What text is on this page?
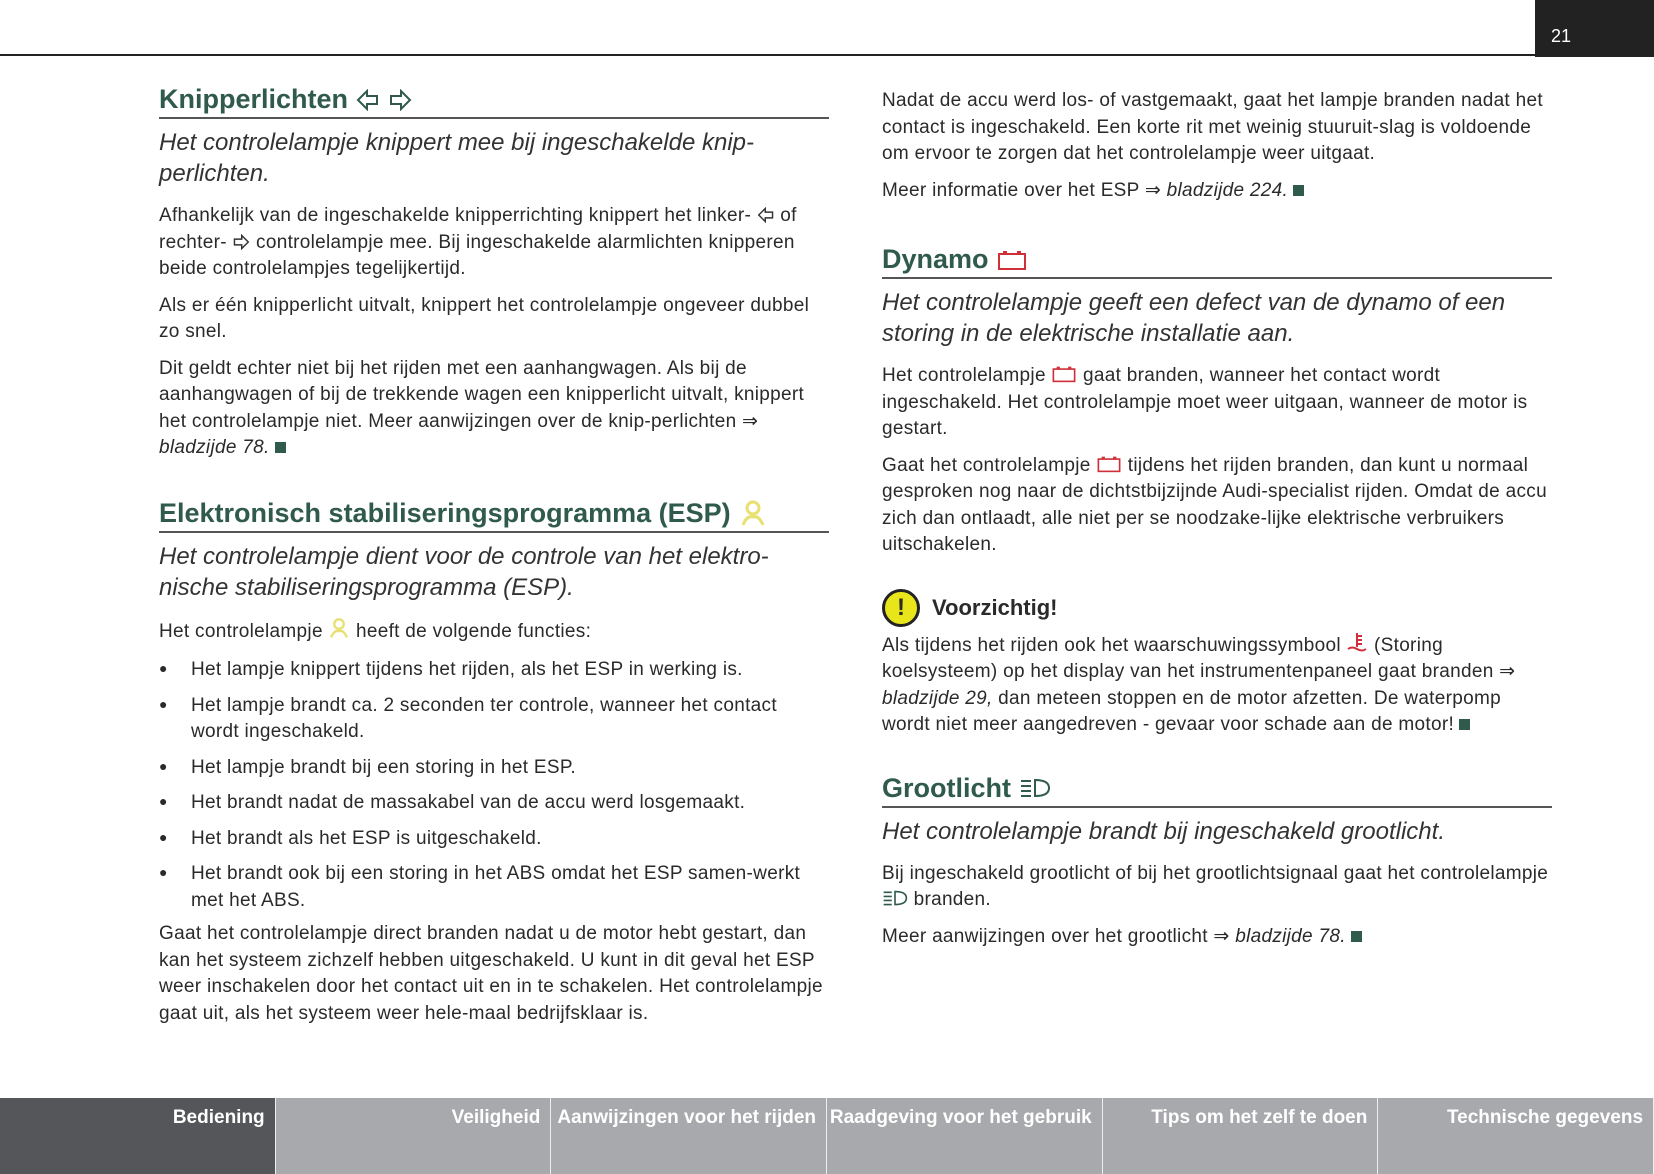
21
Knipperlichten
Het controlelampje knippert mee bij ingeschakelde knip-perlichten.

Afhankelijk van de ingeschakelde knipperrichting knippert het linker-  of rechter-  controlelampje mee. Bij ingeschakelde alarmlichten knipperen beide controlelampjes tegelijkertijd.

Als er één knipperlicht uitvalt, knippert het controlelampje ongeveer dubbel zo snel.

Dit geldt echter niet bij het rijden met een aanhangwagen. Als bij de aanhangwagen of bij de trekkende wagen een knipperlicht uitvalt, knippert het controlelampje niet. Meer aanwijzingen over de knip-perlichten ⇒ bladzijde 78.

Elektronisch stabiliseringsprogramma (ESP)
Het controlelampje dient voor de controle van het elektro-nische stabiliseringsprogramma (ESP).

Het controlelampje  heeft de volgende functies:

● Het lampje knippert tijdens het rijden, als het ESP in werking is.
● Het lampje brandt ca. 2 seconden ter controle, wanneer het contact wordt ingeschakeld.
● Het lampje brandt bij een storing in het ESP.
● Het brandt nadat de massakabel van de accu werd losgemaakt.
● Het brandt als het ESP is uitgeschakeld.
● Het brandt ook bij een storing in het ABS omdat het ESP samen-werkt met het ABS.

Gaat het controlelampje direct branden nadat u de motor hebt gestart, dan kan het systeem zichzelf hebben uitgeschakeld. U kunt in dit geval het ESP weer inschakelen door het contact uit en in te schakelen. Het controlelampje gaat uit, als het systeem weer hele-maal bedrijfsklaar is.

Nadat de accu werd los- of vastgemaakt, gaat het lampje branden nadat het contact is ingeschakeld. Een korte rit met weinig stuuruit-slag is voldoende om ervoor te zorgen dat het controlelampje weer uitgaat.

Meer informatie over het ESP ⇒ bladzijde 224.

Dynamo
Het controlelampje geeft een defect van de dynamo of een storing in de elektrische installatie aan.

Het controlelampje  gaat branden, wanneer het contact wordt ingeschakeld. Het controlelampje moet weer uitgaan, wanneer de motor is gestart.

Gaat het controlelampje  tijdens het rijden branden, dan kunt u normaal gesproken nog naar de dichtstbijzijnde Audi-specialist rijden. Omdat de accu zich dan ontlaadt, alle niet per se noodzake-lijke elektrische verbruikers uitschakelen.

!	Voorzichtig!

Als tijdens het rijden ook het waarschuwingssymbool  (Storing koelsysteem) op het display van het instrumentenpaneel gaat branden ⇒ bladzijde 29, dan meteen stoppen en de motor afzetten. De waterpomp wordt niet meer aangedreven - gevaar voor schade aan de motor!

Grootlicht
Het controlelampje brandt bij ingeschakeld grootlicht.

Bij ingeschakeld grootlicht of bij het grootlichtsignaal gaat het controlelampje  branden.

Meer aanwijzingen over het grootlicht ⇒ bladzijde 78.

Bediening	Veiligheid Aanwijzingen voor het rijden Raadgeving voor het gebruik	Tips om het zelf te doen	Technische gegevens
